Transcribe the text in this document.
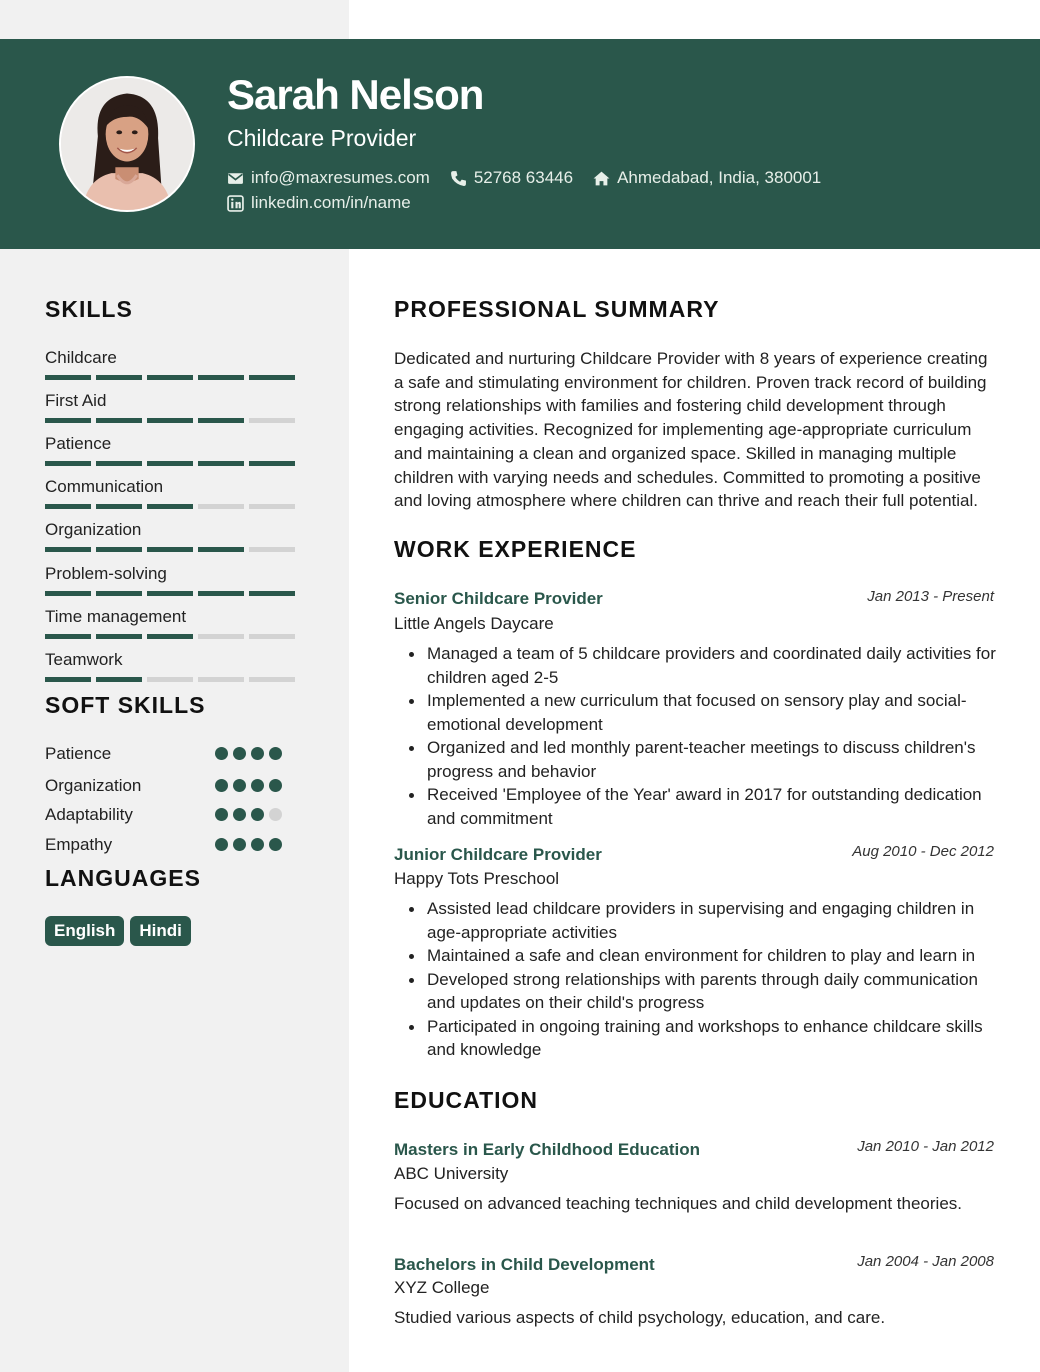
Sarah Nelson
Childcare Provider
info@maxresumes.com	52768 63446	Ahmedabad, India, 380001
linkedin.com/in/name
SKILLS
Childcare
First Aid
Patience
Communication
Organization
Problem-solving
Time management
Teamwork
SOFT SKILLS
Patience
Organization
Adaptability
Empathy
LANGUAGES
English	Hindi
PROFESSIONAL SUMMARY

Dedicated and nurturing Childcare Provider with 8 years of experience creating a safe and stimulating environment for children. Proven track record of building strong relationships with families and fostering child development through engaging activities. Recognized for implementing age-appropriate curriculum and maintaining a clean and organized space. Skilled in managing multiple children with varying needs and schedules. Committed to promoting a positive and loving atmosphere where children can thrive and reach their full potential.

WORK EXPERIENCE
Senior Childcare Provider	Jan 2013 - Present
Little Angels Daycare
Managed a team of 5 childcare providers and coordinated daily activities for children aged 2-5
Implemented a new curriculum that focused on sensory play and social-emotional development
Organized and led monthly parent-teacher meetings to discuss children's progress and behavior
Received 'Employee of the Year' award in 2017 for outstanding dedication and commitment
Junior Childcare Provider	Aug 2010 - Dec 2012
Happy Tots Preschool
Assisted lead childcare providers in supervising and engaging children in age-appropriate activities
Maintained a safe and clean environment for children to play and learn in
Developed strong relationships with parents through daily communication and updates on their child's progress
Participated in ongoing training and workshops to enhance childcare skills and knowledge
EDUCATION
Masters in Early Childhood Education	Jan 2010 - Jan 2012
ABC University

Focused on advanced teaching techniques and child development theories.

Bachelors in Child Development	Jan 2004 - Jan 2008
XYZ College

Studied various aspects of child psychology, education, and care.
